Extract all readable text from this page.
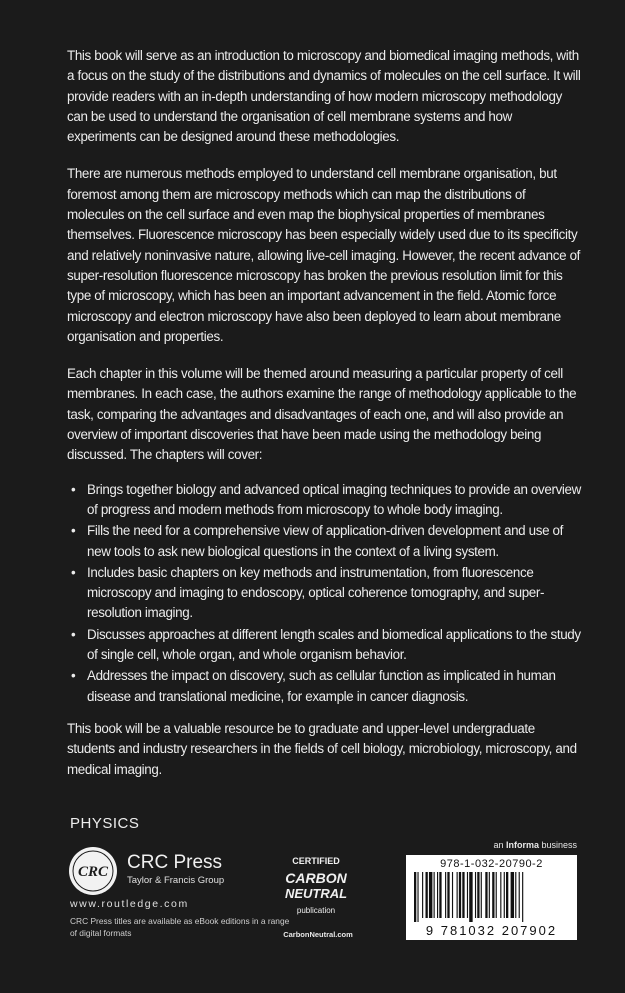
This book will serve as an introduction to microscopy and biomedical imaging methods, with a focus on the study of the distributions and dynamics of molecules on the cell surface. It will provide readers with an in-depth understanding of how modern microscopy methodology can be used to understand the organisation of cell membrane systems and how experiments can be designed around these methodologies.

There are numerous methods employed to understand cell membrane organisation, but foremost among them are microscopy methods which can map the distributions of molecules on the cell surface and even map the biophysical properties of membranes themselves. Fluorescence microscopy has been especially widely used due to its specificity and relatively noninvasive nature, allowing live-cell imaging. However, the recent advance of super-resolution fluorescence microscopy has broken the previous resolution limit for this type of microscopy, which has been an important advancement in the field. Atomic force microscopy and electron microscopy have also been deployed to learn about membrane organisation and properties.

Each chapter in this volume will be themed around measuring a particular property of cell membranes. In each case, the authors examine the range of methodology applicable to the task, comparing the advantages and disadvantages of each one, and will also provide an overview of important discoveries that have been made using the methodology being discussed. The chapters will cover:

• Brings together biology and advanced optical imaging techniques to provide an overview of progress and modern methods from microscopy to whole body imaging.
• Fills the need for a comprehensive view of application-driven development and use of new tools to ask new biological questions in the context of a living system.
• Includes basic chapters on key methods and instrumentation, from fluorescence microscopy and imaging to endoscopy, optical coherence tomography, and super-resolution imaging.
• Discusses approaches at different length scales and biomedical applications to the study of single cell, whole organ, and whole organism behavior.
• Addresses the impact on discovery, such as cellular function as implicated in human disease and translational medicine, for example in cancer diagnosis.

This book will be a valuable resource be to graduate and upper-level undergraduate students and industry researchers in the fields of cell biology, microbiology, microscopy, and medical imaging.

PHYSICS
CRC CRC Press
Taylor & Francis Group
www.routledge.com
CRC Press titles are available as eBook editions in a range of digital formats
CERTIFIED
CARBON
NEUTRAL
publication
CarbonNeutral.com
an Informa business
978-1-032-20790-2
9 781032 207902
